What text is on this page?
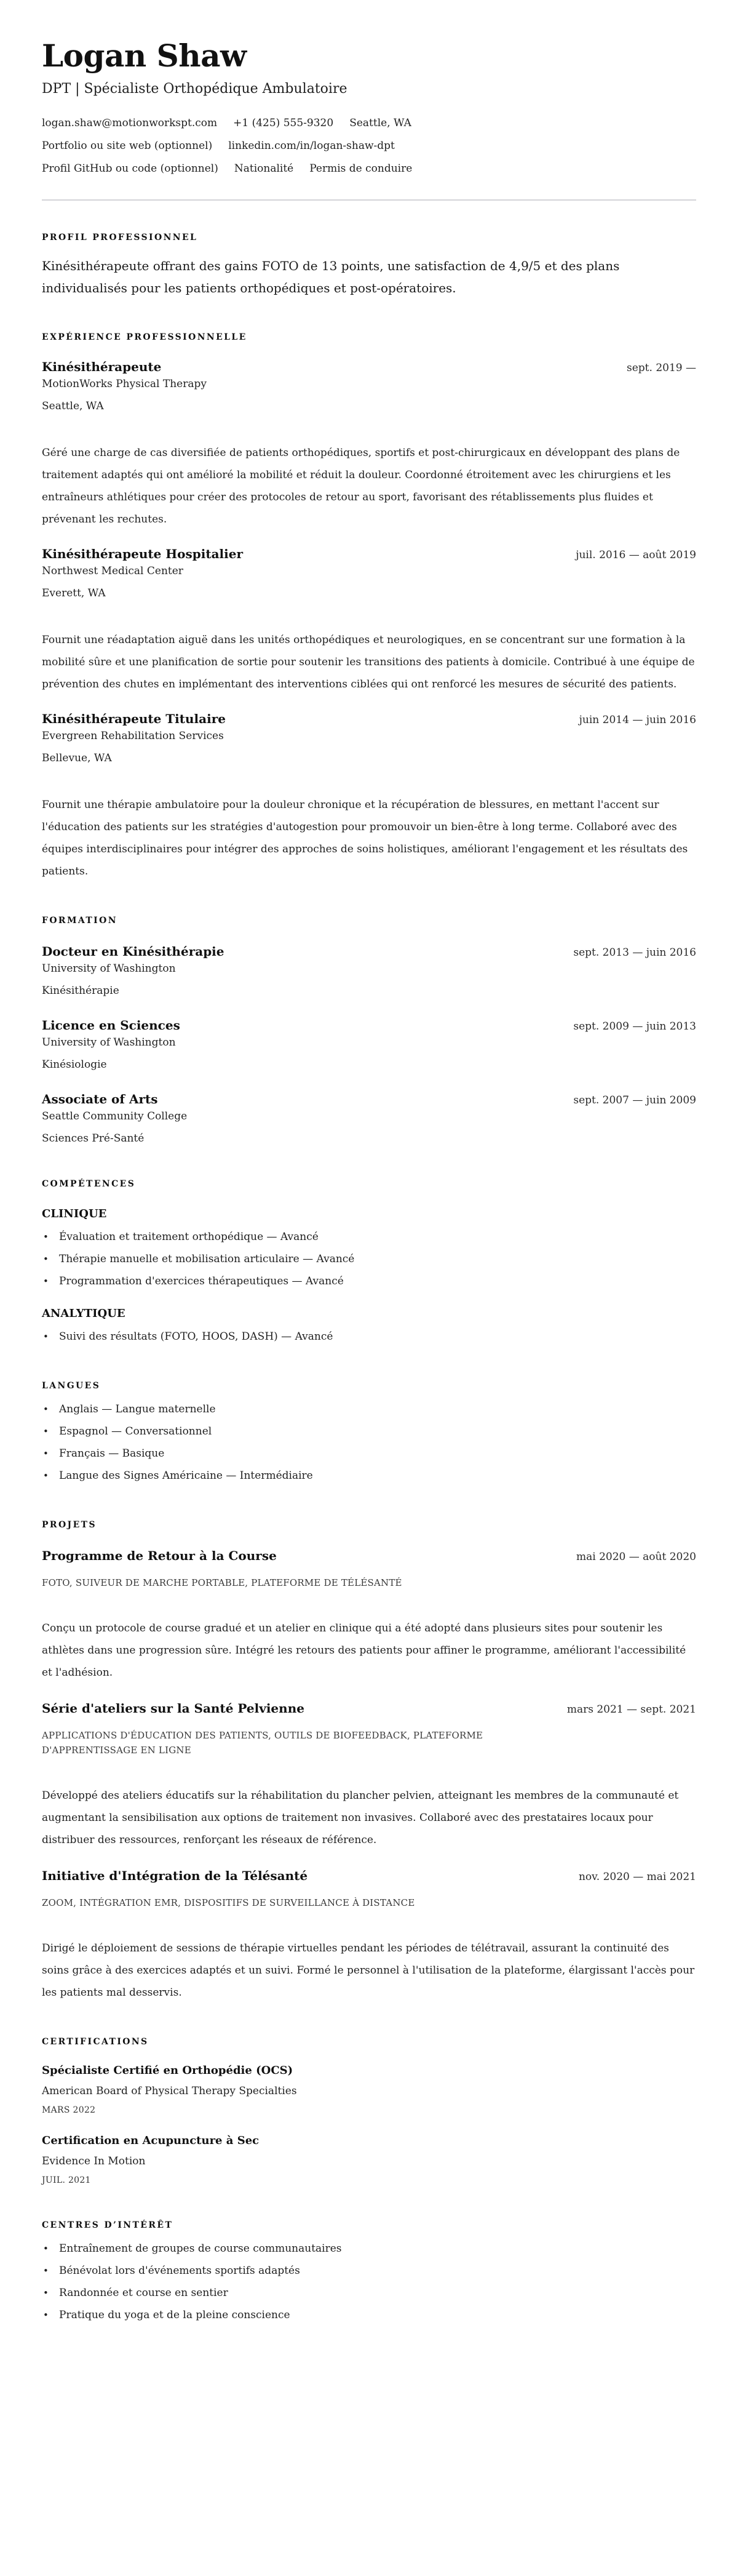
Logan Shaw
DPT | Spécialiste Orthopédique Ambulatoire
logan.shaw@motionworkspt.com +1 (425) 555-9320 Seattle, WA
Portfolio ou site web (optionnel) linkedin.com/in/logan-shaw-dpt
Profil GitHub ou code (optionnel) Nationalité Permis de conduire
PROFIL PROFESSIONNEL

Kinésithérapeute offrant des gains FOTO de 13 points, une satisfaction de 4,9/5 et des plans individualisés pour les patients orthopédiques et post-opératoires.

EXPÉRIENCE PROFESSIONNELLE
Kinésithérapeute	sept. 2019 —
MotionWorks Physical Therapy
Seattle, WA

Géré une charge de cas diversifiée de patients orthopédiques, sportifs et post-chirurgicaux en développant des plans de traitement adaptés qui ont amélioré la mobilité et réduit la douleur. Coordonné étroitement avec les chirurgiens et les entraîneurs athlétiques pour créer des protocoles de retour au sport, favorisant des rétablissements plus fluides et prévenant les rechutes.

Kinésithérapeute Hospitalier	juil. 2016 — août 2019
Northwest Medical Center
Everett, WA

Fournit une réadaptation aiguë dans les unités orthopédiques et neurologiques, en se concentrant sur une formation à la mobilité sûre et une planification de sortie pour soutenir les transitions des patients à domicile. Contribué à une équipe de prévention des chutes en implémentant des interventions ciblées qui ont renforcé les mesures de sécurité des patients.

Kinésithérapeute Titulaire	juin 2014 — juin 2016
Evergreen Rehabilitation Services
Bellevue, WA

Fournit une thérapie ambulatoire pour la douleur chronique et la récupération de blessures, en mettant l'accent sur l'éducation des patients sur les stratégies d'autogestion pour promouvoir un bien-être à long terme. Collaboré avec des équipes interdisciplinaires pour intégrer des approches de soins holistiques, améliorant l'engagement et les résultats des patients.

FORMATION
Docteur en Kinésithérapie	sept. 2013 — juin 2016
University of Washington
Kinésithérapie
Licence en Sciences	sept. 2009 — juin 2013
University of Washington
Kinésiologie
Associate of Arts	sept. 2007 — juin 2009
Seattle Community College
Sciences Pré-Santé
COMPÉTENCES
CLINIQUE
• Évaluation et traitement orthopédique — Avancé
• Thérapie manuelle et mobilisation articulaire — Avancé
• Programmation d'exercices thérapeutiques — Avancé
ANALYTIQUE
• Suivi des résultats (FOTO, HOOS, DASH) — Avancé
LANGUES
• Anglais — Langue maternelle
• Espagnol — Conversationnel
• Français — Basique
• Langue des Signes Américaine — Intermédiaire
PROJETS
Programme de Retour à la Course	mai 2020 — août 2020
FOTO, SUIVEUR DE MARCHE PORTABLE, PLATEFORME DE TÉLÉSANTÉ

Conçu un protocole de course gradué et un atelier en clinique qui a été adopté dans plusieurs sites pour soutenir les athlètes dans une progression sûre. Intégré les retours des patients pour affiner le programme, améliorant l'accessibilité et l'adhésion.

Série d'ateliers sur la Santé Pelvienne	mars 2021 — sept. 2021
APPLICATIONS D'ÉDUCATION DES PATIENTS, OUTILS DE BIOFEEDBACK, PLATEFORME D'APPRENTISSAGE EN LIGNE

Développé des ateliers éducatifs sur la réhabilitation du plancher pelvien, atteignant les membres de la communauté et augmentant la sensibilisation aux options de traitement non invasives. Collaboré avec des prestataires locaux pour distribuer des ressources, renforçant les réseaux de référence.

Initiative d'Intégration de la Télésanté	nov. 2020 — mai 2021
ZOOM, INTÉGRATION EMR, DISPOSITIFS DE SURVEILLANCE À DISTANCE

Dirigé le déploiement de sessions de thérapie virtuelles pendant les périodes de télétravail, assurant la continuité des soins grâce à des exercices adaptés et un suivi. Formé le personnel à l'utilisation de la plateforme, élargissant l'accès pour les patients mal desservis.

CERTIFICATIONS
Spécialiste Certifié en Orthopédie (OCS)
American Board of Physical Therapy Specialties
MARS 2022
Certification en Acupuncture à Sec
Evidence In Motion
JUIL. 2021
CENTRES D’INTÉRÊT
• Entraînement de groupes de course communautaires
• Bénévolat lors d'événements sportifs adaptés
• Randonnée et course en sentier
• Pratique du yoga et de la pleine conscience
